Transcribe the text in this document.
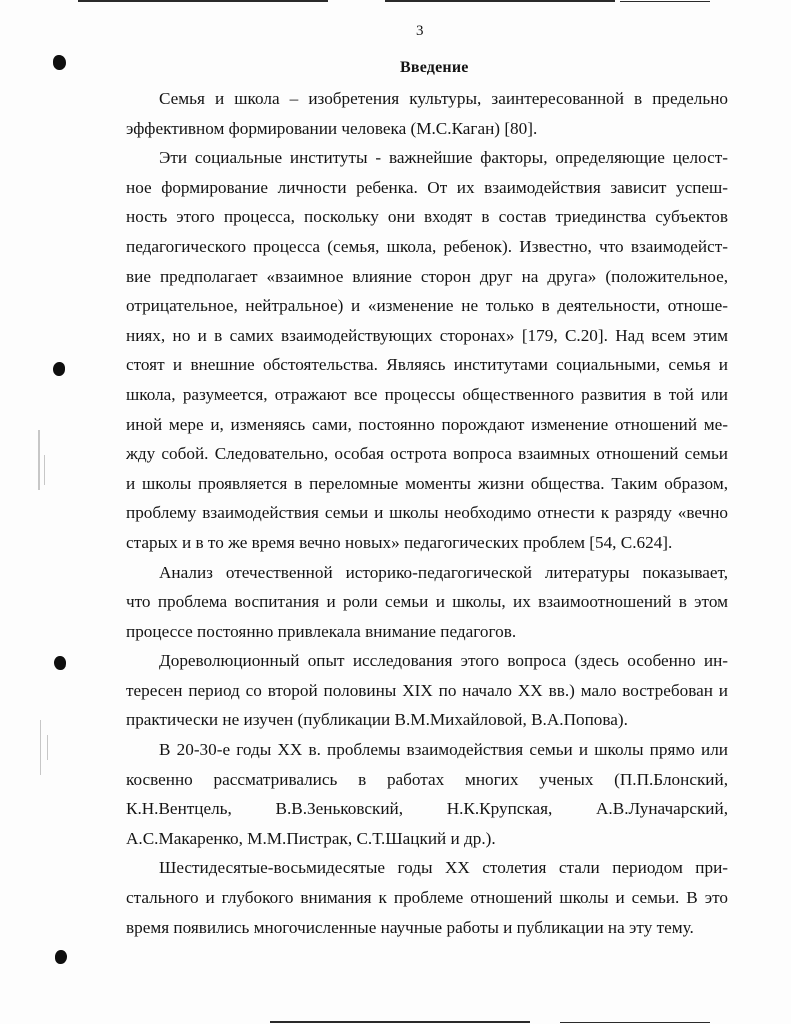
3
Введение

Семья и школа – изобретения культуры, заинтересованной в предельно
эффективном формировании человека (М.С.Каган) [80].

Эти социальные институты - важнейшие факторы, определяющие целост-
ное формирование личности ребенка. От их взаимодействия зависит успеш-
ность этого процесса, поскольку они входят в состав триединства субъектов
педагогического процесса (семья, школа, ребенок). Известно, что взаимодейст-
вие предполагает «взаимное влияние сторон друг на друга» (положительное,
отрицательное, нейтральное) и «изменение не только в деятельности, отноше-
ниях, но и в самих взаимодействующих сторонах» [179, С.20]. Над всем этим
стоят и внешние обстоятельства. Являясь институтами социальными, семья и
школа, разумеется, отражают все процессы общественного развития в той или
иной мере и, изменяясь сами, постоянно порождают изменение отношений ме-
жду собой. Следовательно, особая острота вопроса взаимных отношений семьи
и школы проявляется в переломные моменты жизни общества. Таким образом,
проблему взаимодействия семьи и школы необходимо отнести к разряду «вечно
старых и в то же время вечно новых» педагогических проблем [54, С.624].

Анализ отечественной историко-педагогической литературы показывает,
что проблема воспитания и роли семьи и школы, их взаимоотношений в этом
процессе постоянно привлекала внимание педагогов.

Дореволюционный опыт исследования этого вопроса (здесь особенно ин-
тересен период со второй половины XIX по начало XX вв.) мало востребован и
практически не изучен (публикации В.М.Михайловой, В.А.Попова).

В 20-30-е годы XX в. проблемы взаимодействия семьи и школы прямо или
косвенно рассматривались в работах многих ученых (П.П.Блонский,
К.Н.Вентцель, В.В.Зеньковский, Н.К.Крупская, А.В.Луначарский,
А.С.Макаренко, М.М.Пистрак, С.Т.Шацкий и др.).

Шестидесятые-восьмидесятые годы XX столетия стали периодом при-
стального и глубокого внимания к проблеме отношений школы и семьи. В это
время появились многочисленные научные работы и публикации на эту тему.
